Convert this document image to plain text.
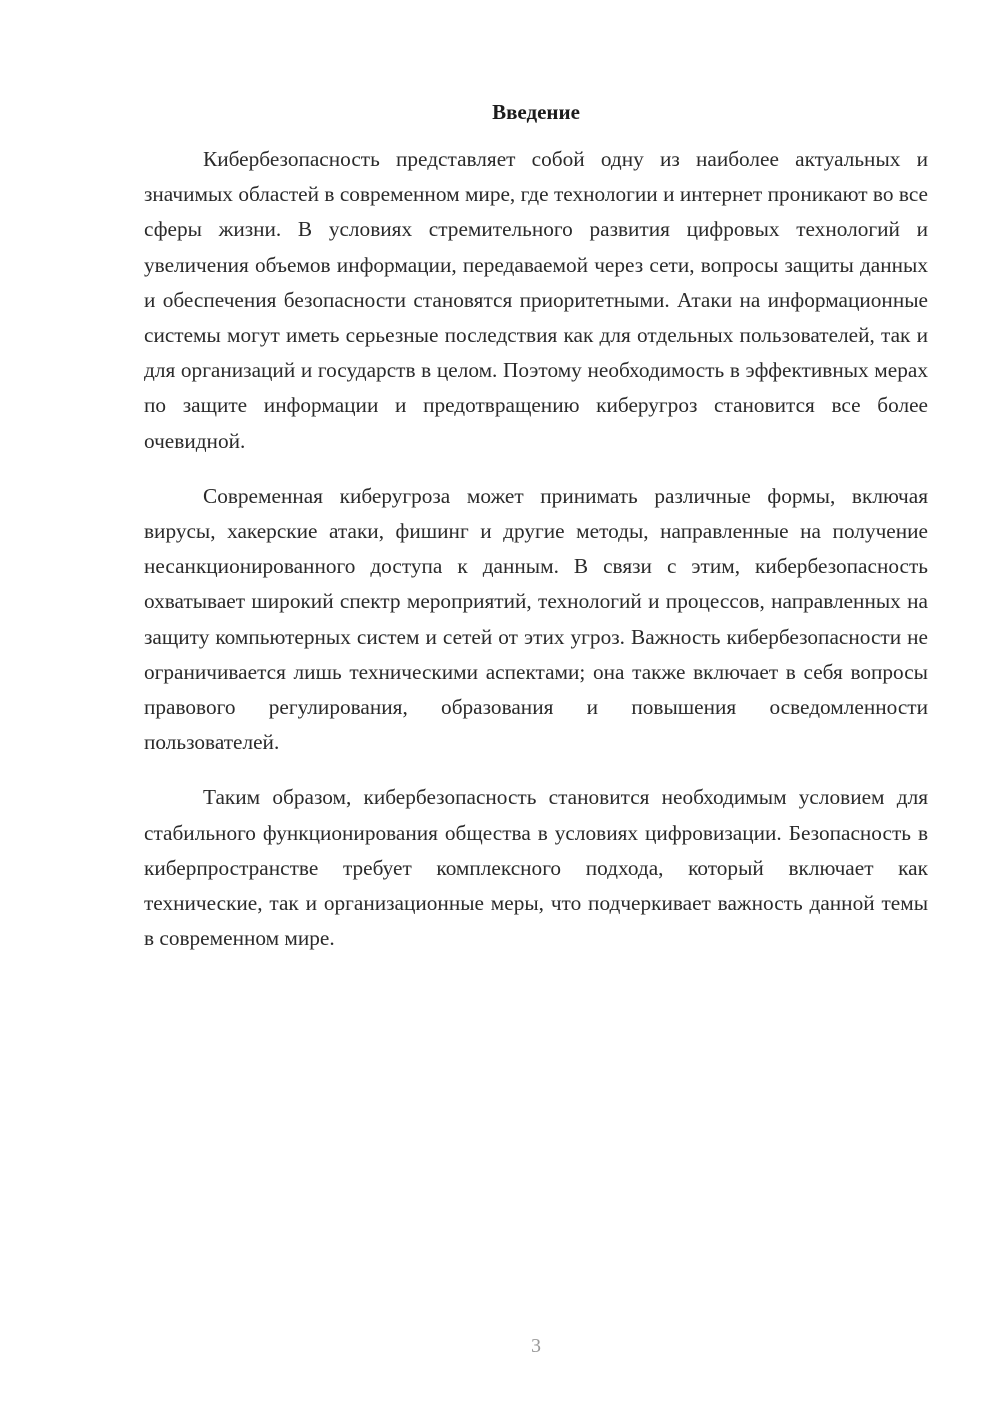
Введение

Кибербезопасность представляет собой одну из наиболее актуальных и значимых областей в современном мире, где технологии и интернет проникают во все сферы жизни. В условиях стремительного развития цифровых технологий и увеличения объемов информации, передаваемой через сети, вопросы защиты данных и обеспечения безопасности становятся приоритетными. Атаки на информационные системы могут иметь серьезные последствия как для отдельных пользователей, так и для организаций и государств в целом. Поэтому необходимость в эффективных мерах по защите информации и предотвращению киберугроз становится все более очевидной.

Современная киберугроза может принимать различные формы, включая вирусы, хакерские атаки, фишинг и другие методы, направленные на получение несанкционированного доступа к данным. В связи с этим, кибербезопасность охватывает широкий спектр мероприятий, технологий и процессов, направленных на защиту компьютерных систем и сетей от этих угроз. Важность кибербезопасности не ограничивается лишь техническими аспектами; она также включает в себя вопросы правового регулирования, образования и повышения осведомленности пользователей.

Таким образом, кибербезопасность становится необходимым условием для стабильного функционирования общества в условиях цифровизации. Безопасность в киберпространстве требует комплексного подхода, который включает как технические, так и организационные меры, что подчеркивает важность данной темы в современном мире.

3
